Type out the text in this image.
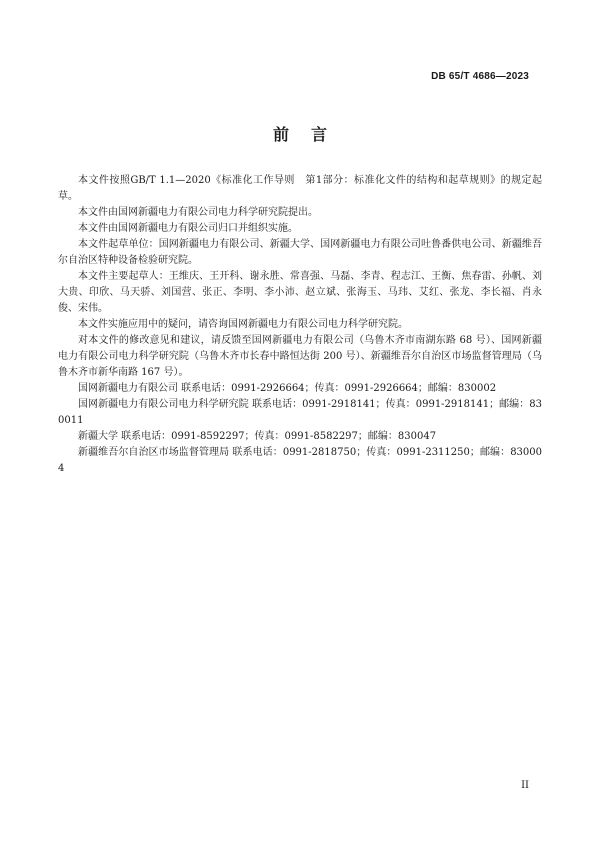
DB 65/T 4686—2023
前 言

本文件按照GB/T 1.1—2020《标准化工作导则　第1部分：标准化文件的结构和起草规则》的规定起草。

本文件由国网新疆电力有限公司电力科学研究院提出。

本文件由国网新疆电力有限公司归口并组织实施。

本文件起草单位：国网新疆电力有限公司、新疆大学、国网新疆电力有限公司吐鲁番供电公司、新疆维吾尔自治区特种设备检验研究院。

本文件主要起草人：王维庆、王开科、谢永胜、常喜强、马磊、李青、程志江、王衡、焦春雷、孙帆、刘大贵、印欣、马天骄、刘国营、张正、李明、李小沛、赵立斌、张海玉、马玮、艾红、张龙、李长福、肖永俊、宋伟。

本文件实施应用中的疑问，请咨询国网新疆电力有限公司电力科学研究院。

对本文件的修改意见和建议，请反馈至国网新疆电力有限公司（乌鲁木齐市南湖东路 68 号）、国网新疆电力有限公司电力科学研究院（乌鲁木齐市长春中路恒达街 200 号）、新疆维吾尔自治区市场监督管理局（乌鲁木齐市新华南路 167 号）。

国网新疆电力有限公司 联系电话：0991-2926664；传真：0991-2926664；邮编：830002

国网新疆电力有限公司电力科学研究院 联系电话：0991-2918141；传真：0991-2918141；邮编：830011

新疆大学 联系电话：0991-8592297；传真：0991-8582297；邮编：830047

新疆维吾尔自治区市场监督管理局 联系电话：0991-2818750；传真：0991-2311250；邮编：830004

II
